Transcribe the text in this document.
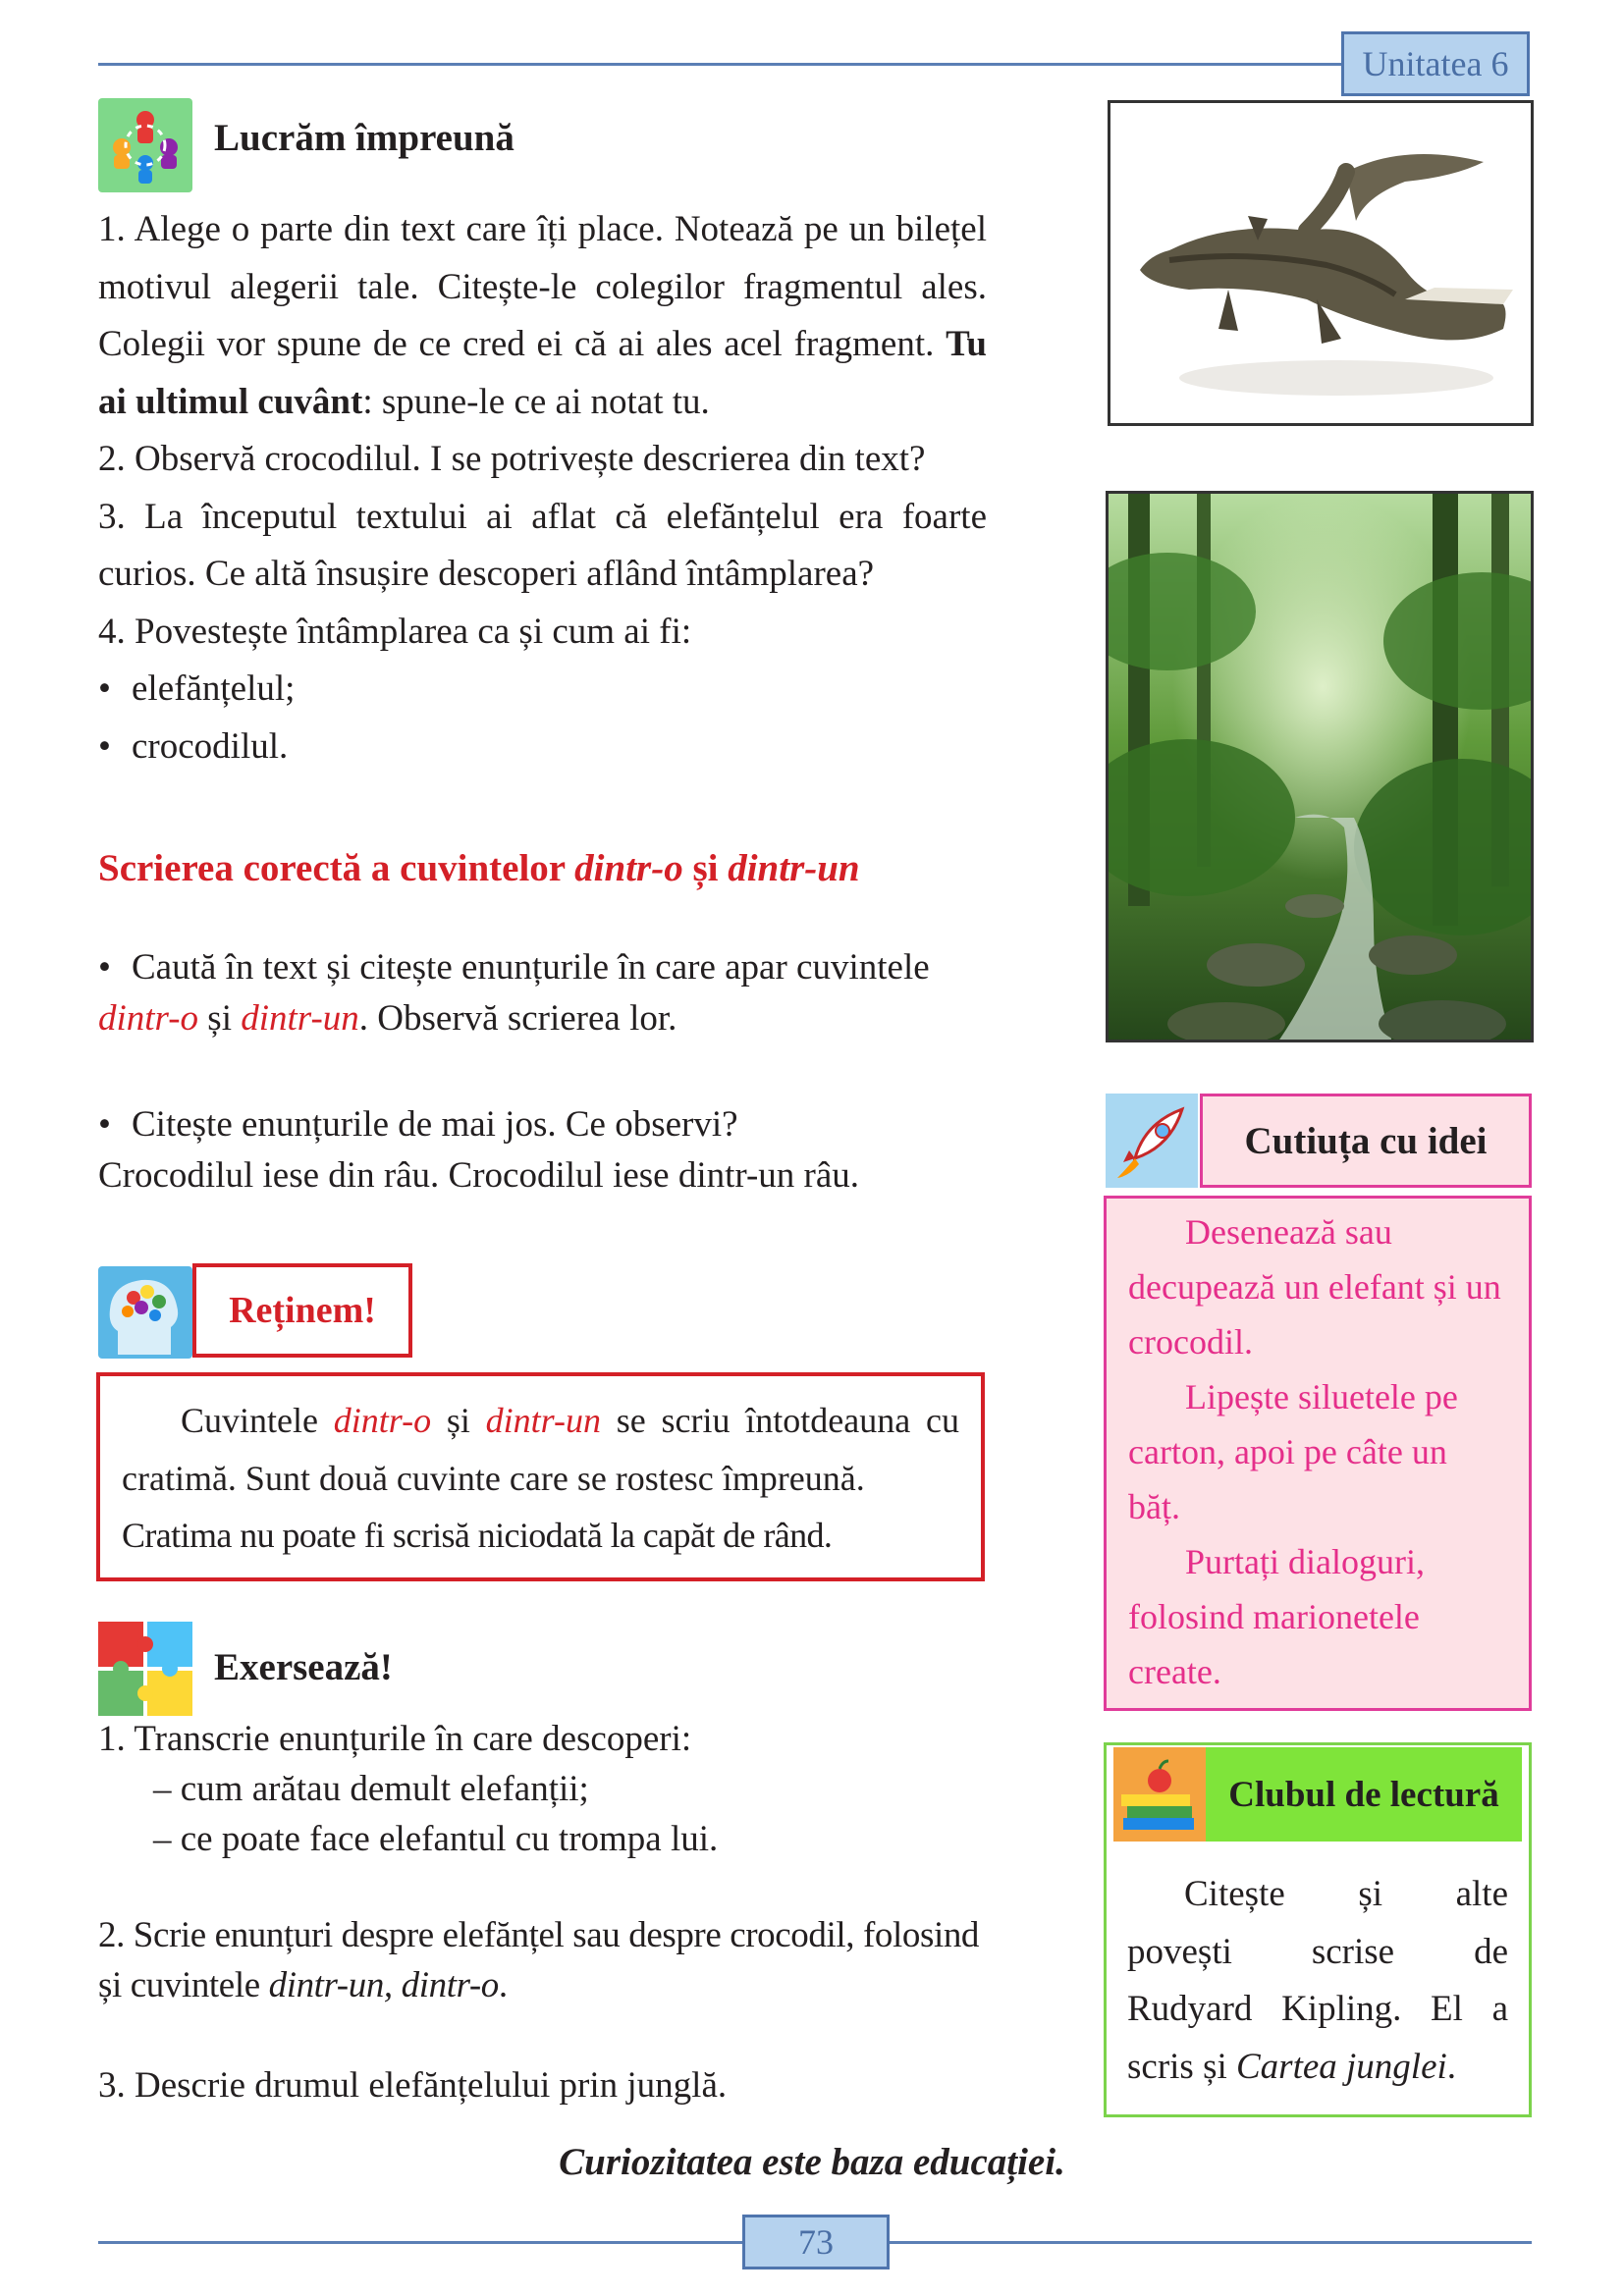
Unitatea 6
Lucrăm împreună

1. Alege o parte din text care îți place. Notează pe un bilețel motivul alegerii tale. Citește-le colegilor fragmentul ales. Colegii vor spune de ce cred ei că ai ales acel fragment. Tu ai ultimul cuvânt: spune-le ce ai notat tu.

2. Observă crocodilul. I se potrivește descrierea din text?

3. La începutul textului ai aflat că elefănțelul era foarte curios. Ce altă însușire descoperi aflând întâmplarea?

4. Povestește întâmplarea ca și cum ai fi:

• elefănțelul;

• crocodilul.

Scrierea corectă a cuvintelor dintr-o și dintr-un
• Caută în text și citește enunțurile în care apar cuvintele dintr-o și dintr-un. Observă scrierea lor.

• Citește enunțurile de mai jos. Ce observi?

Crocodilul iese din râu. Crocodilul iese dintr-un râu.

Reținem!

Cuvintele dintr-o și dintr-un se scriu întotdeauna cu cratimă. Sunt două cuvinte care se rostesc împreună.

Cratima nu poate fi scrisă niciodată la capăt de rând.

Exersează!

1. Transcrie enunțurile în care descoperi:

– cum arătau demult elefanții;

– ce poate face elefantul cu trompa lui.

2. Scrie enunțuri despre elefănțel sau despre crocodil, folosind și cuvintele dintr-un, dintr-o.
3. Descrie drumul elefănțelului prin junglă.
Cutiuța cu idei

Desenează sau decupează un elefant și un crocodil.

Lipește siluetele pe carton, apoi pe câte un băț.

Purtați dialoguri, folosind marionetele create.

Clubul de lectură

Citește și alte

povești scrise de

Rudyard Kipling. El a

scris și Cartea junglei.

Curiozitatea este baza educației.
73
